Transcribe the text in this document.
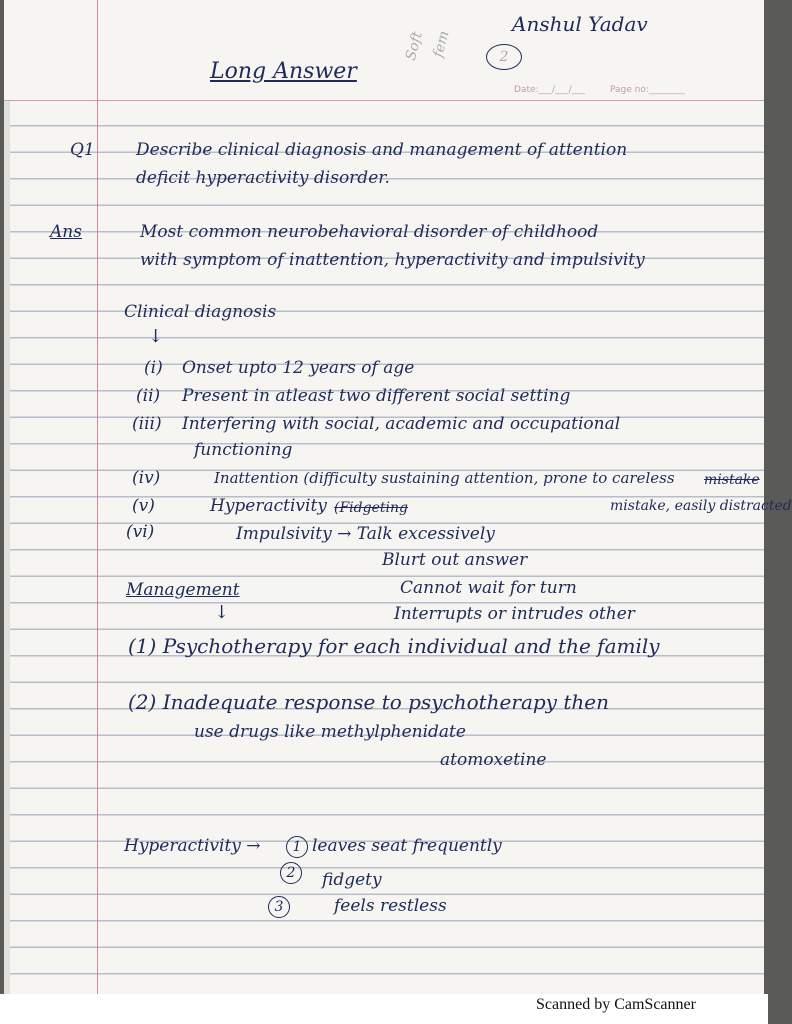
Anshul Yadav
Soft fem	2
Date:___/___/___	Page no:________
Long Answer
Q1 Describe clinical diagnosis and management of attention
deficit hyperactivity disorder.
Ans	Most common neurobehavioral disorder of childhood
with symptom of inattention, hyperactivity and impulsivity
Clinical diagnosis
↓
(i) Onset upto 12 years of age
(ii) Present in atleast two different social setting
(iii) Interfering with social, academic and occupational
functioning
(iv)	Inattention (difficulty sustaining attention, prone to careless mistake
mistake, easily distracted
(v)	Hyperactivity (Fidgeting
(vi)	Impulsivity → Talk excessively
Blurt out answer
Cannot wait for turn
Interrupts or intrudes other
Management
↓
(1) Psychotherapy for each individual and the family
(2) Inadequate response to psychotherapy then
use drugs like methylphenidate
atomoxetine
Hyperactivity →	1 leaves seat frequently
2	fidgety
3	feels restless
Scanned by CamScanner
